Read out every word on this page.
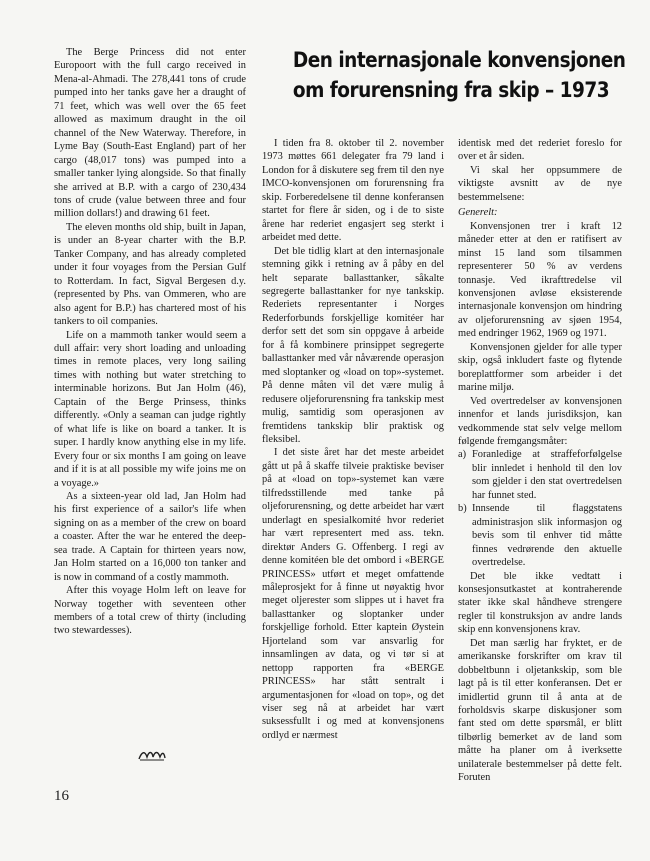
Den internasjonale konvensjonen
om forurensning fra skip – 1973

The Berge Princess did not enter Europoort with the full cargo received in Mena-al-Ahmadi. The 278,441 tons of crude pumped into her tanks gave her a draught of 71 feet, which was well over the 65 feet allowed as maximum draught in the oil channel of the New Waterway. Therefore, in Lyme Bay (South-East England) part of her cargo (48,017 tons) was pumped into a smaller tanker lying alongside. So that finally she arrived at B.P. with a cargo of 230,434 tons of crude (value between three and four million dollars!) and drawing 61 feet.

The eleven months old ship, built in Japan, is under an 8-year charter with the B.P. Tanker Company, and has already completed under it four voyages from the Persian Gulf to Rotterdam. In fact, Sigval Bergesen d.y. (represented by Phs. van Ommeren, who are also agent for B.P.) has chartered most of his tankers to oil companies.

Life on a mammoth tanker would seem a dull affair: very short loading and unloading times in remote places, very long sailing times with nothing but water stretching to interminable horizons. But Jan Holm (46), Captain of the Berge Prinsess, thinks differently. «Only a seaman can judge rightly of what life is like on board a tanker. It is super. I hardly know anything else in my life. Every four or six months I am going on leave and if it is at all possible my wife joins me on a voyage.»

As a sixteen-year old lad, Jan Holm had his first experience of a sailor's life when signing on as a member of the crew on board a coaster. After the war he entered the deep-sea trade. A Captain for thirteen years now, Jan Holm started on a 16,000 ton tanker and is now in command of a costly mammoth.

After this voyage Holm left on leave for Norway together with seventeen other members of a total crew of thirty (including two stewardesses).

I tiden fra 8. oktober til 2. november 1973 møttes 661 delegater fra 79 land i London for å diskutere seg frem til den nye IMCO-konvensjonen om forurensning fra skip. Forberedelsene til denne konferansen startet for flere år siden, og i de to siste årene har rederiet engasjert seg sterkt i arbeidet med dette.

Det ble tidlig klart at den internasjonale stemning gikk i retning av å påby en del helt separate ballasttanker, såkalte segregerte ballasttanker for nye tankskip. Rederiets representanter i Norges Rederforbunds forskjellige komitéer har derfor sett det som sin oppgave å arbeide for å få kombinere prinsippet segregerte ballasttanker med vår nåværende operasjon med sloptanker og «load on top»-systemet. På denne måten vil det være mulig å redusere oljeforurensning fra tankskip mest mulig, samtidig som operasjonen av fremtidens tankskip blir praktisk og fleksibel.

I det siste året har det meste arbeidet gått ut på å skaffe tilveie praktiske beviser på at «load on top»-systemet kan være tilfredsstillende med tanke på oljeforurensning, og dette arbeidet har vært underlagt en spesialkomité hvor rederiet har vært representert med ass. tekn. direktør Anders G. Offenberg. I regi av denne komitéen ble det ombord i «BERGE PRINCESS» utført et meget omfattende måleprosjekt for å finne ut nøyaktig hvor meget oljerester som slippes ut i havet fra ballasttanker og sloptanker under forskjellige forhold. Etter kaptein Øystein Hjorteland som var ansvarlig for innsamlingen av data, og vi tør si at nettopp rapporten fra «BERGE PRINCESS» har stått sentralt i argumentasjonen for «load on top», og det viser seg nå at arbeidet har vært suksessfullt i og med at konvensjonens ordlyd er nærmest

identisk med det rederiet foreslo for over et år siden.

Vi skal her oppsummere de viktigste avsnitt av de nye bestemmelsene:

Generelt:

Konvensjonen trer i kraft 12 måneder etter at den er ratifisert av minst 15 land som tilsammen representerer 50 % av verdens tonnasje. Ved ikrafttredelse vil konvensjonen avløse eksisterende internasjonale konvensjon om hindring av oljeforurensning av sjøen 1954, med endringer 1962, 1969 og 1971.

Konvensjonen gjelder for alle typer skip, også inkludert faste og flytende boreplattformer som arbeider i det marine miljø.

Ved overtredelser av konvensjonen innenfor et lands jurisdiksjon, kan vedkommende stat selv velge mellom følgende fremgangsmåter:

a) Foranledige at straffeforfølgelse blir innledet i henhold til den lov som gjelder i den stat overtredelsen har funnet sted.

b) Innsende til flaggstatens administrasjon slik informasjon og bevis som til enhver tid måtte finnes vedrørende den aktuelle overtredelse.

Det ble ikke vedtatt i konsesjonsutkastet at kontraherende stater ikke skal håndheve strengere regler til konstruksjon av andre lands skip enn konvensjonens krav.

Det man særlig har fryktet, er de amerikanske forskrifter om krav til dobbeltbunn i oljetankskip, som ble lagt på is til etter konferansen. Det er imidlertid grunn til å anta at de forholdsvis skarpe diskusjoner som fant sted om dette spørsmål, er blitt tilbørlig bemerket av de land som måtte ha planer om å iverksette unilaterale bestemmelser på dette felt. Foruten

16
